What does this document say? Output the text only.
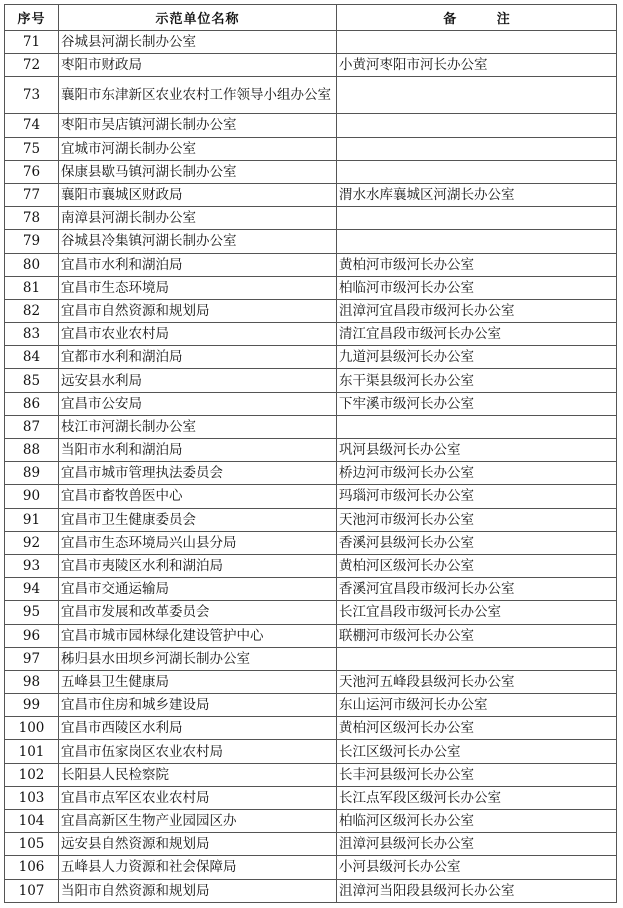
序号	示范单位名称	备 注
71	谷城县河湖长制办公室	
72	枣阳市财政局	小黄河枣阳市河长办公室
73	襄阳市东津新区农业农村工作领导小组办公室	
74	枣阳市吴店镇河湖长制办公室	
75	宜城市河湖长制办公室	
76	保康县歇马镇河湖长制办公室	
77	襄阳市襄城区财政局	渭水水库襄城区河湖长办公室
78	南漳县河湖长制办公室	
79	谷城县冷集镇河湖长制办公室	
80	宜昌市水利和湖泊局	黄柏河市级河长办公室
81	宜昌市生态环境局	柏临河市级河长办公室
82	宜昌市自然资源和规划局	沮漳河宜昌段市级河长办公室
83	宜昌市农业农村局	清江宜昌段市级河长办公室
84	宜都市水利和湖泊局	九道河县级河长办公室
85	远安县水利局	东干渠县级河长办公室
86	宜昌市公安局	下牢溪市级河长办公室
87	枝江市河湖长制办公室	
88	当阳市水利和湖泊局	巩河县级河长办公室
89	宜昌市城市管理执法委员会	桥边河市级河长办公室
90	宜昌市畜牧兽医中心	玛瑙河市级河长办公室
91	宜昌市卫生健康委员会	天池河市级河长办公室
92	宜昌市生态环境局兴山县分局	香溪河县级河长办公室
93	宜昌市夷陵区水利和湖泊局	黄柏河区级河长办公室
94	宜昌市交通运输局	香溪河宜昌段市级河长办公室
95	宜昌市发展和改革委员会	长江宜昌段市级河长办公室
96	宜昌市城市园林绿化建设管护中心	联棚河市级河长办公室
97	秭归县水田坝乡河湖长制办公室	
98	五峰县卫生健康局	天池河五峰段县级河长办公室
99	宜昌市住房和城乡建设局	东山运河市级河长办公室
100	宜昌市西陵区水利局	黄柏河区级河长办公室
101	宜昌市伍家岗区农业农村局	长江区级河长办公室
102	长阳县人民检察院	长丰河县级河长办公室
103	宜昌市点军区农业农村局	长江点军段区级河长办公室
104	宜昌高新区生物产业园园区办	柏临河区级河长办公室
105	远安县自然资源和规划局	沮漳河县级河长办公室
106	五峰县人力资源和社会保障局	小河县级河长办公室
107	当阳市自然资源和规划局	沮漳河当阳段县级河长办公室
